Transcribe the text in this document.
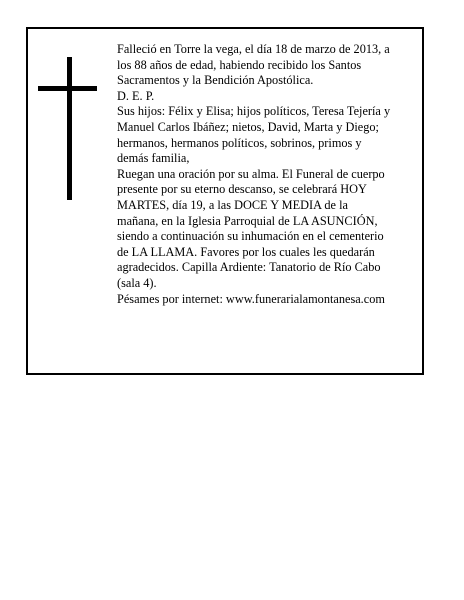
Falleció en Torre la vega, el día 18 de marzo de 2013, a
los 88 años de edad, habiendo recibido los Santos
Sacramentos y la Bendición Apostólica.
D. E. P.
Sus hijos: Félix y Elisa; hijos políticos, Teresa Tejería y
Manuel Carlos Ibáñez; nietos, David, Marta y Diego;
hermanos, hermanos políticos, sobrinos, primos y
demás familia,
Ruegan una oración por su alma. El Funeral de cuerpo
presente por su eterno descanso, se celebrará HOY
MARTES, día 19, a las DOCE Y MEDIA de la
mañana, en la Iglesia Parroquial de LA ASUNCIÓN,
siendo a continuación su inhumación en el cementerio
de LA LLAMA. Favores por los cuales les quedarán
agradecidos. Capilla Ardiente: Tanatorio de Río Cabo
(sala 4).
Pésames por internet: www.funerarialamontanesa.com
